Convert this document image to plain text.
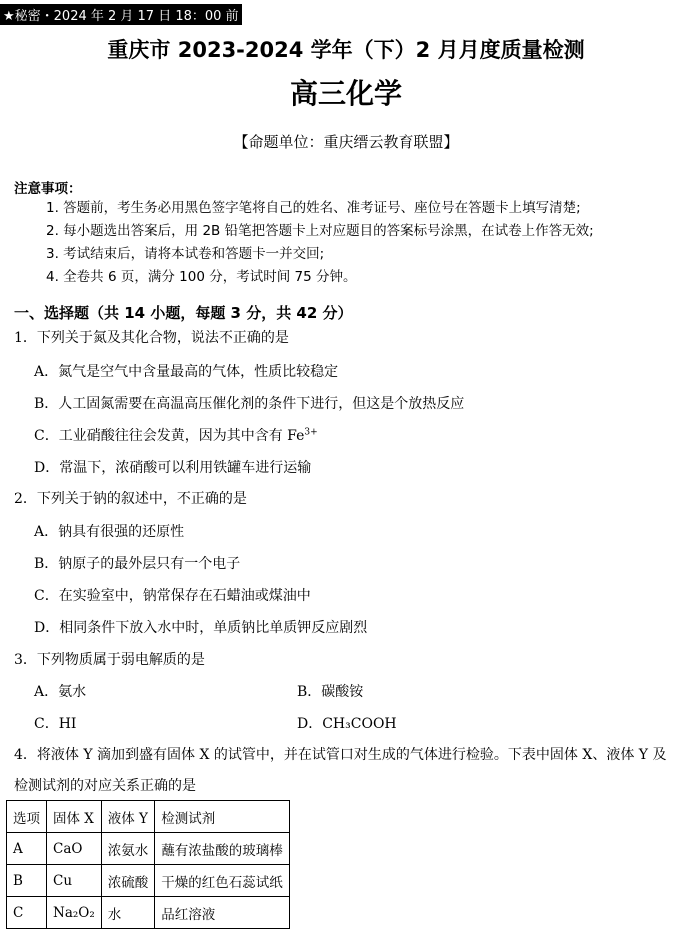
★秘密・2024 年 2 月 17 日 18：00 前
重庆市 2023-2024 学年（下）2 月月度质量检测
高三化学
【命题单位：重庆缙云教育联盟】
注意事项：
1. 答题前，考生务必用黑色签字笔将自己的姓名、准考证号、座位号在答题卡上填写清楚;
2. 每小题选出答案后，用 2B 铅笔把答题卡上对应题目的答案标号涂黑，在试卷上作答无效;
3. 考试结束后，请将本试卷和答题卡一并交回;
4. 全卷共 6 页，满分 100 分，考试时间 75 分钟。
一、选择题（共 14 小题，每题 3 分，共 42 分）
1．下列关于氮及其化合物，说法不正确的是
A．氮气是空气中含量最高的气体，性质比较稳定
B．人工固氮需要在高温高压催化剂的条件下进行，但这是个放热反应
C．工业硝酸往往会发黄，因为其中含有 $Fe^{3+}$
D．常温下，浓硝酸可以利用铁罐车进行运输
2．下列关于钠的叙述中，不正确的是
A．钠具有很强的还原性
B．钠原子的最外层只有一个电子
C．在实验室中，钠常保存在石蜡油或煤油中
D．相同条件下放入水中时，单质钠比单质钾反应剧烈
3．下列物质属于弱电解质的是
A．氨水	B．碳酸铵
C．HI	D．CH₃COOH
4．将液体 Y 滴加到盛有固体 X 的试管中，并在试管口对生成的气体进行检验。下表中固体 X、液体 Y 及
检测试剂的对应关系正确的是
选项	固体 X	液体 Y	检测试剂
A	CaO	浓氨水	蘸有浓盐酸的玻璃棒
B	Cu	浓硫酸	干燥的红色石蕊试纸
C	Na₂O₂	水	品红溶液
